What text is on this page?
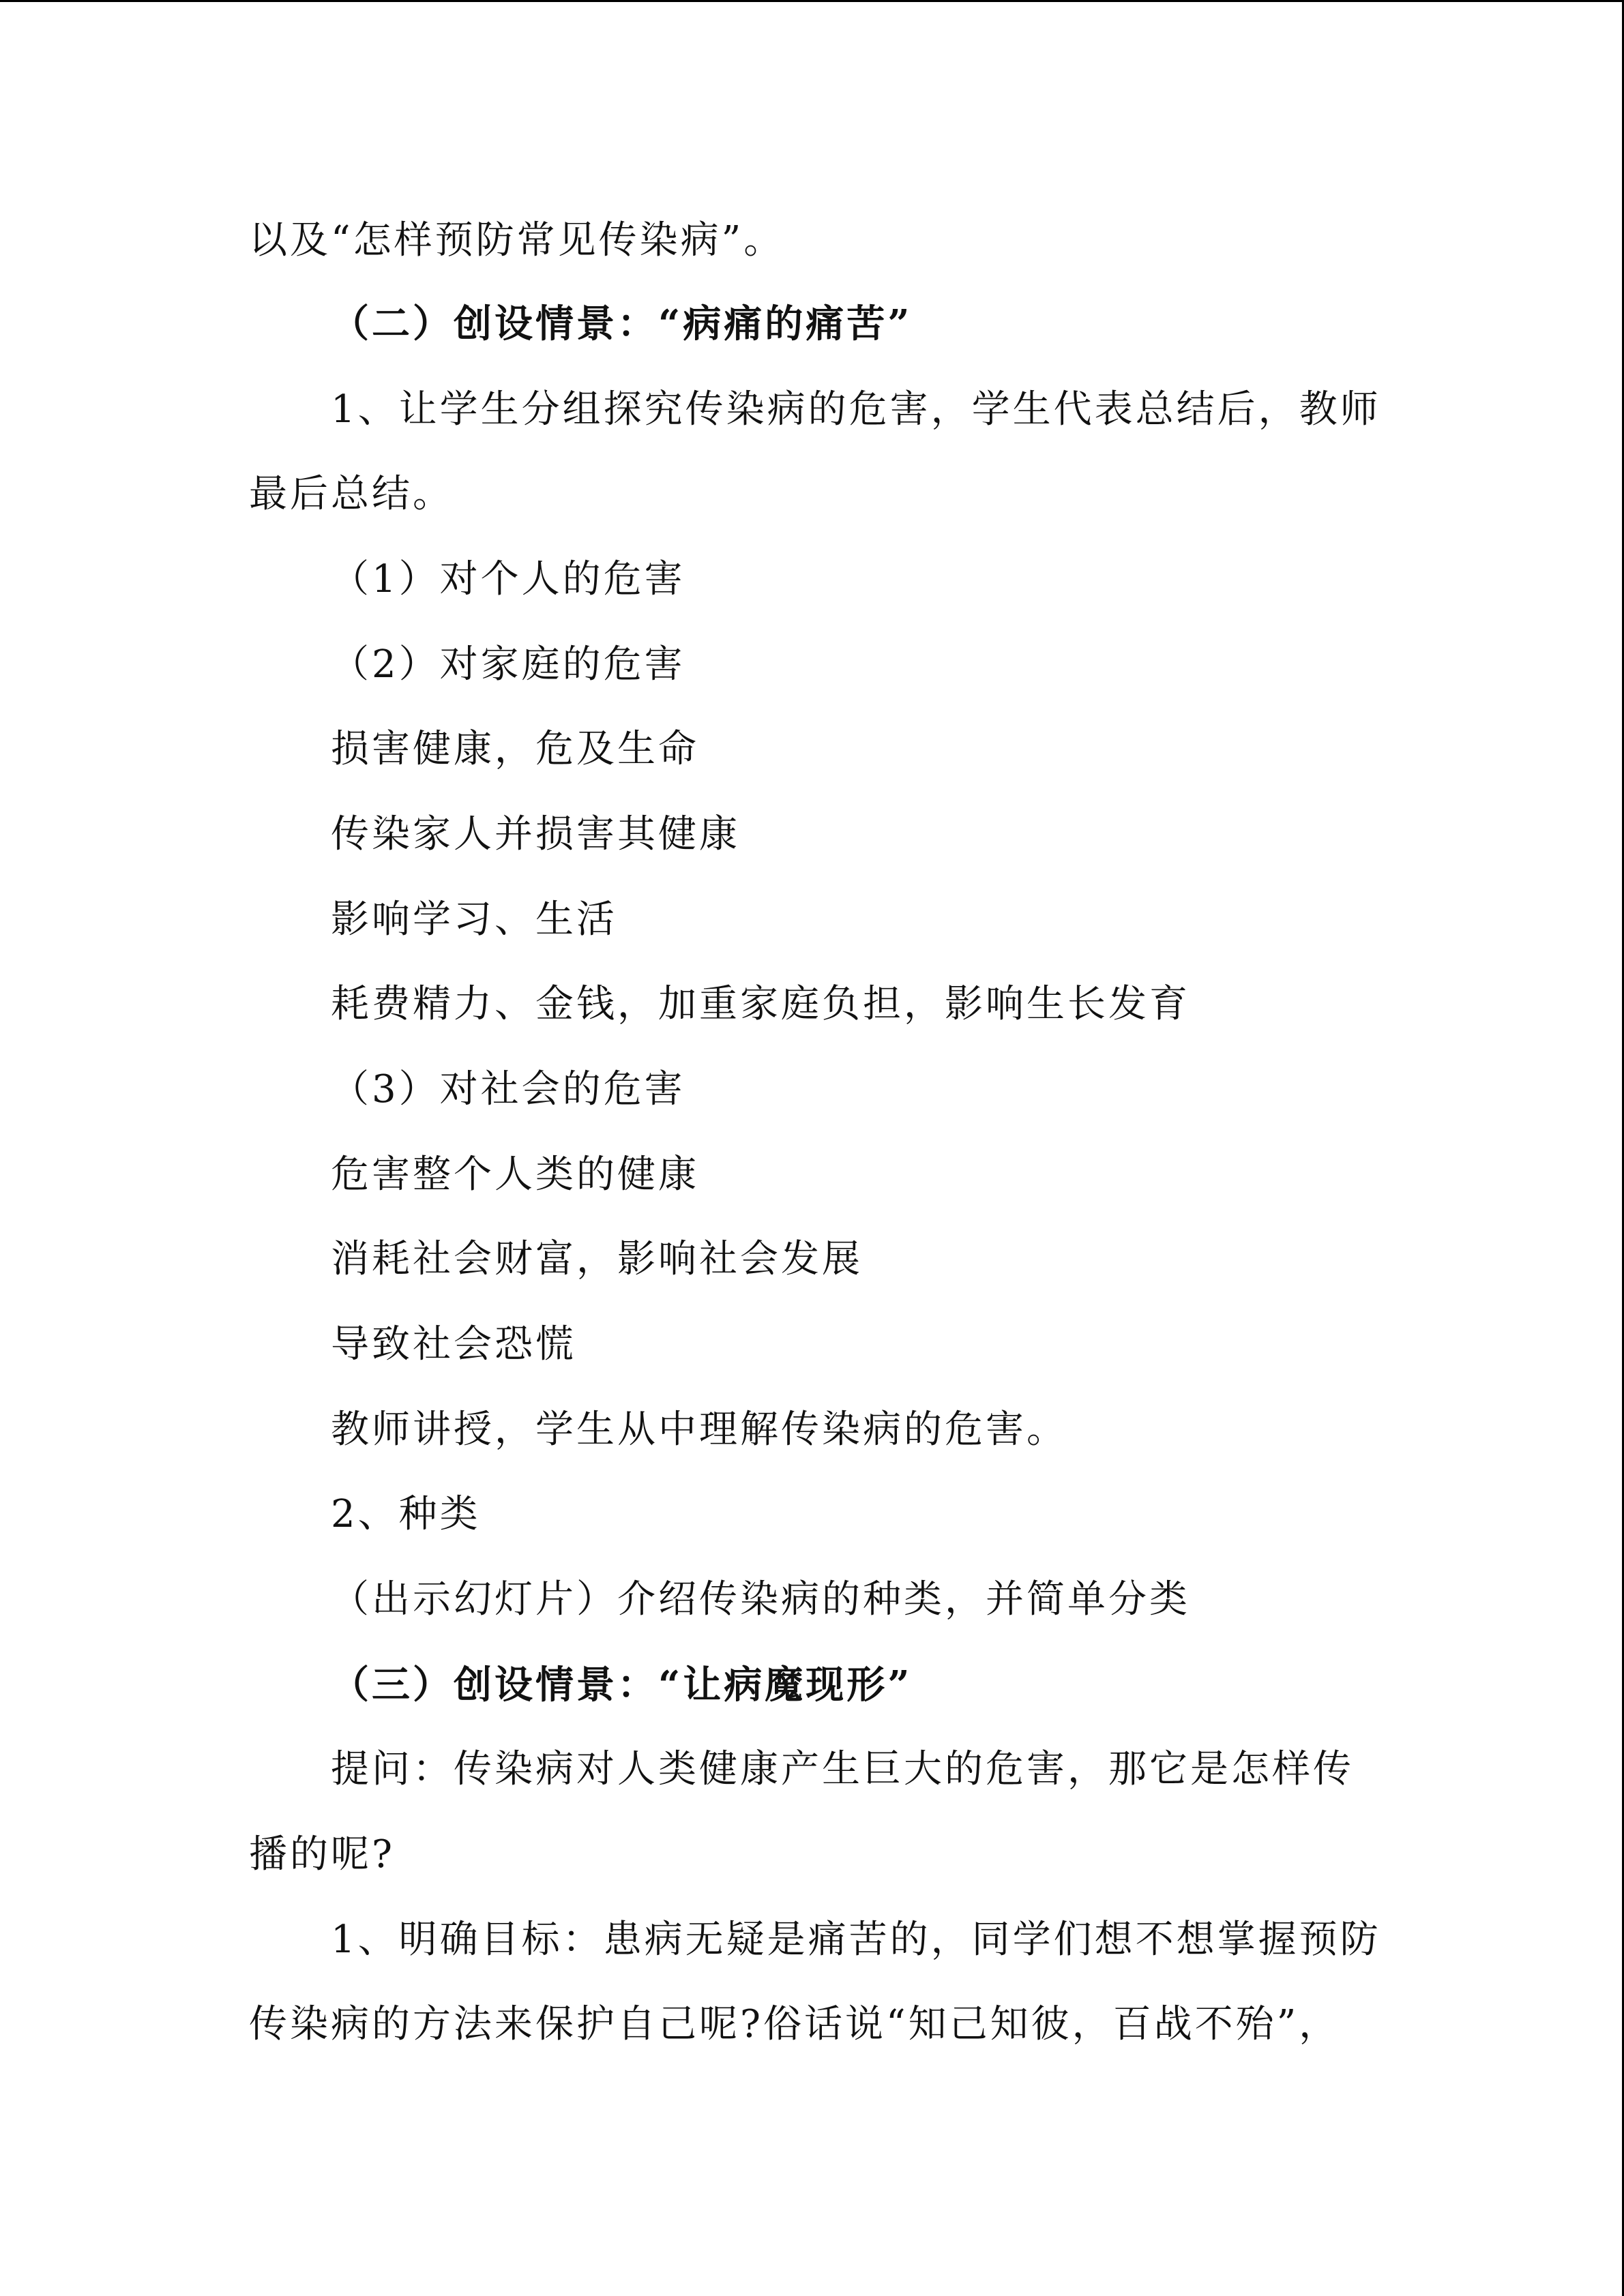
以及“怎样预防常见传染病”。
（二）创设情景：“病痛的痛苦”
1、让学生分组探究传染病的危害，学生代表总结后，教师
最后总结。
（1）对个人的危害
（2）对家庭的危害
损害健康，危及生命
传染家人并损害其健康
影响学习、生活
耗费精力、金钱，加重家庭负担，影响生长发育
（3）对社会的危害
危害整个人类的健康
消耗社会财富，影响社会发展
导致社会恐慌
教师讲授，学生从中理解传染病的危害。
2、种类
（出示幻灯片）介绍传染病的种类，并简单分类
（三）创设情景：“让病魔现形”
提问：传染病对人类健康产生巨大的危害，那它是怎样传
播的呢?
1、明确目标：患病无疑是痛苦的，同学们想不想掌握预防
传染病的方法来保护自己呢?俗话说“知己知彼，百战不殆”，
